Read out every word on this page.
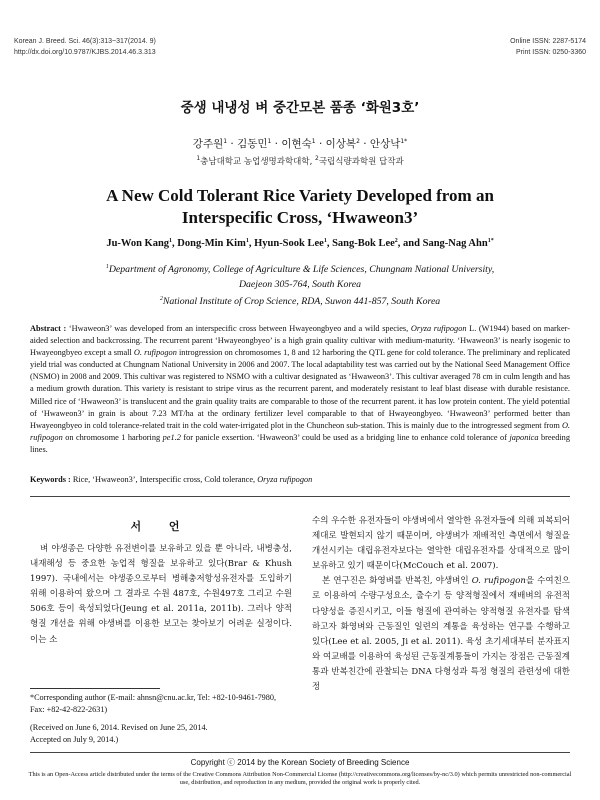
Korean J. Breed. Sci. 46(3):313~317(2014. 9)
http://dx.doi.org/10.9787/KJBS.2014.46.3.313
Online ISSN: 2287-5174
Print ISSN: 0250-3360
중생 내냉성 벼 중간모본 품종 ‘화원3호’
강주원$^1$ · 김동민$^1$ · 이현숙$^1$ · 이상복$^2$ · 안상낙$^{1*}$
$^1$충남대학교 농업생명과학대학, $^2$국립식량과학원 답작과
A New Cold Tolerant Rice Variety Developed from an
Interspecific Cross, ‘Hwaweon3’
Ju-Won Kang$^1$, Dong-Min Kim$^1$, Hyun-Sook Lee$^1$, Sang-Bok Lee$^2$, and Sang-Nag Ahn$^{1*}$
$^1$Department of Agronomy, College of Agriculture & Life Sciences, Chungnam National University,
Daejeon 305-764, South Korea
$^2$National Institute of Crop Science, RDA, Suwon 441-857, South Korea
Abstract : ‘Hwaweon3’ was developed from an interspecific cross between Hwayeongbyeo and a wild species, Oryza rufipogon L. (W1944) based on marker-aided selection and backcrossing. The recurrent parent ‘Hwayeongbyeo’ is a high grain quality cultivar with medium-maturity. ‘Hwaweon3’ is nearly isogenic to Hwayeongbyeo except a small O. rufipogon introgression on chromosomes 1, 8 and 12 harboring the QTL gene for cold tolerance. The preliminary and replicated yield trial was conducted at Chungnam National University in 2006 and 2007. The local adaptability test was carried out by the National Seed Management Office (NSMO) in 2008 and 2009. This cultivar was registered to NSMO with a cultivar designated as ‘Hwaweon3’. This cultivar averaged 78 cm in culm length and has a medium growth duration. This variety is resistant to stripe virus as the recurrent parent, and moderately resistant to leaf blast disease with durable resistance. Milled rice of ‘Hwaweon3’ is translucent and the grain quality traits are comparable to those of the recurrent parent. it has low protein content. The yield potential of ‘Hwaweon3’ in grain is about 7.23 MT/ha at the ordinary fertilizer level comparable to that of Hwayeongbyeo. ‘Hwaweon3’ performed better than Hwayeongbyeo in cold tolerance-related trait in the cold water-irrigated plot in the Chuncheon sub-station. This is mainly due to the introgressed segment from O. rufipogon on chromosome 1 harboring pe1.2 for panicle exsertion. ‘Hwaweon3’ could be used as a bridging line to enhance cold tolerance of japonica breeding lines.
Keywords : Rice, ‘Hwaweon3’, Interspecific cross, Cold tolerance, Oryza rufipogon
서 언
벼 야생종은 다양한 유전변이를 보유하고 있을 뿐 아니라, 내병충성, 내재해성 등 중요한 농업적 형질을 보유하고 있다(Brar & Khush 1997). 국내에서는 야생종으로부터 병해충저항성유전자를 도입하기 위해 이용하여 왔으며 그 결과로 수원 487호, 수원497호 그리고 수원 506호 등이 육성되었다(Jeung et al. 2011a, 2011b). 그러나 양적형질 개선을 위해 야생벼를 이용한 보고는 찾아보기 어려운 실정이다. 이는 소
수의 우수한 유전자들이 야생벼에서 열악한 유전자들에 의해 피복되어 제대로 발현되지 않기 때문이며, 야생벼가 재배적인 측면에서 형질을 개선시키는 대립유전자보다는 열악한 대립유전자를 상대적으로 많이 보유하고 있기 때문이다(McCouch et al. 2007).
본 연구진은 화영벼를 반복친, 야생벼인 O. rufipogon을 수여친으로 이용하여 수량구성요소, 출수기 등 양적형질에서 재배벼의 유전적 다양성을 증진시키고, 이들 형질에 관여하는 양적형질 유전자를 탐색하고자 화영벼와 근동질인 일련의 계통을 육성하는 연구를 수행하고 있다(Lee et al. 2005, Ji et al. 2011). 육성 초기세대부터 분자표지와 여교배를 이용하여 육성된 근동질계통들이 가지는 장점은 근동질계통과 반복친간에 관찰되는 DNA 다형성과 특정 형질의 관련성에 대한 정
*Corresponding author (E-mail: ahnsn@cnu.ac.kr, Tel: +82-10-9461-7980, Fax: +82-42-822-2631)
(Received on June 6, 2014. Revised on June 25, 2014.
Accepted on July 9, 2014.)
Copyright ⓒ 2014 by the Korean Society of Breeding Science
This is an Open-Access article distributed under the terms of the Creative Commons Attribution Non-Commercial License (http://creativecommons.org/licenses/by-nc/3.0) which permits unrestricted non-commercial use, distribution, and reproduction in any medium, provided the original work is properly cited.
